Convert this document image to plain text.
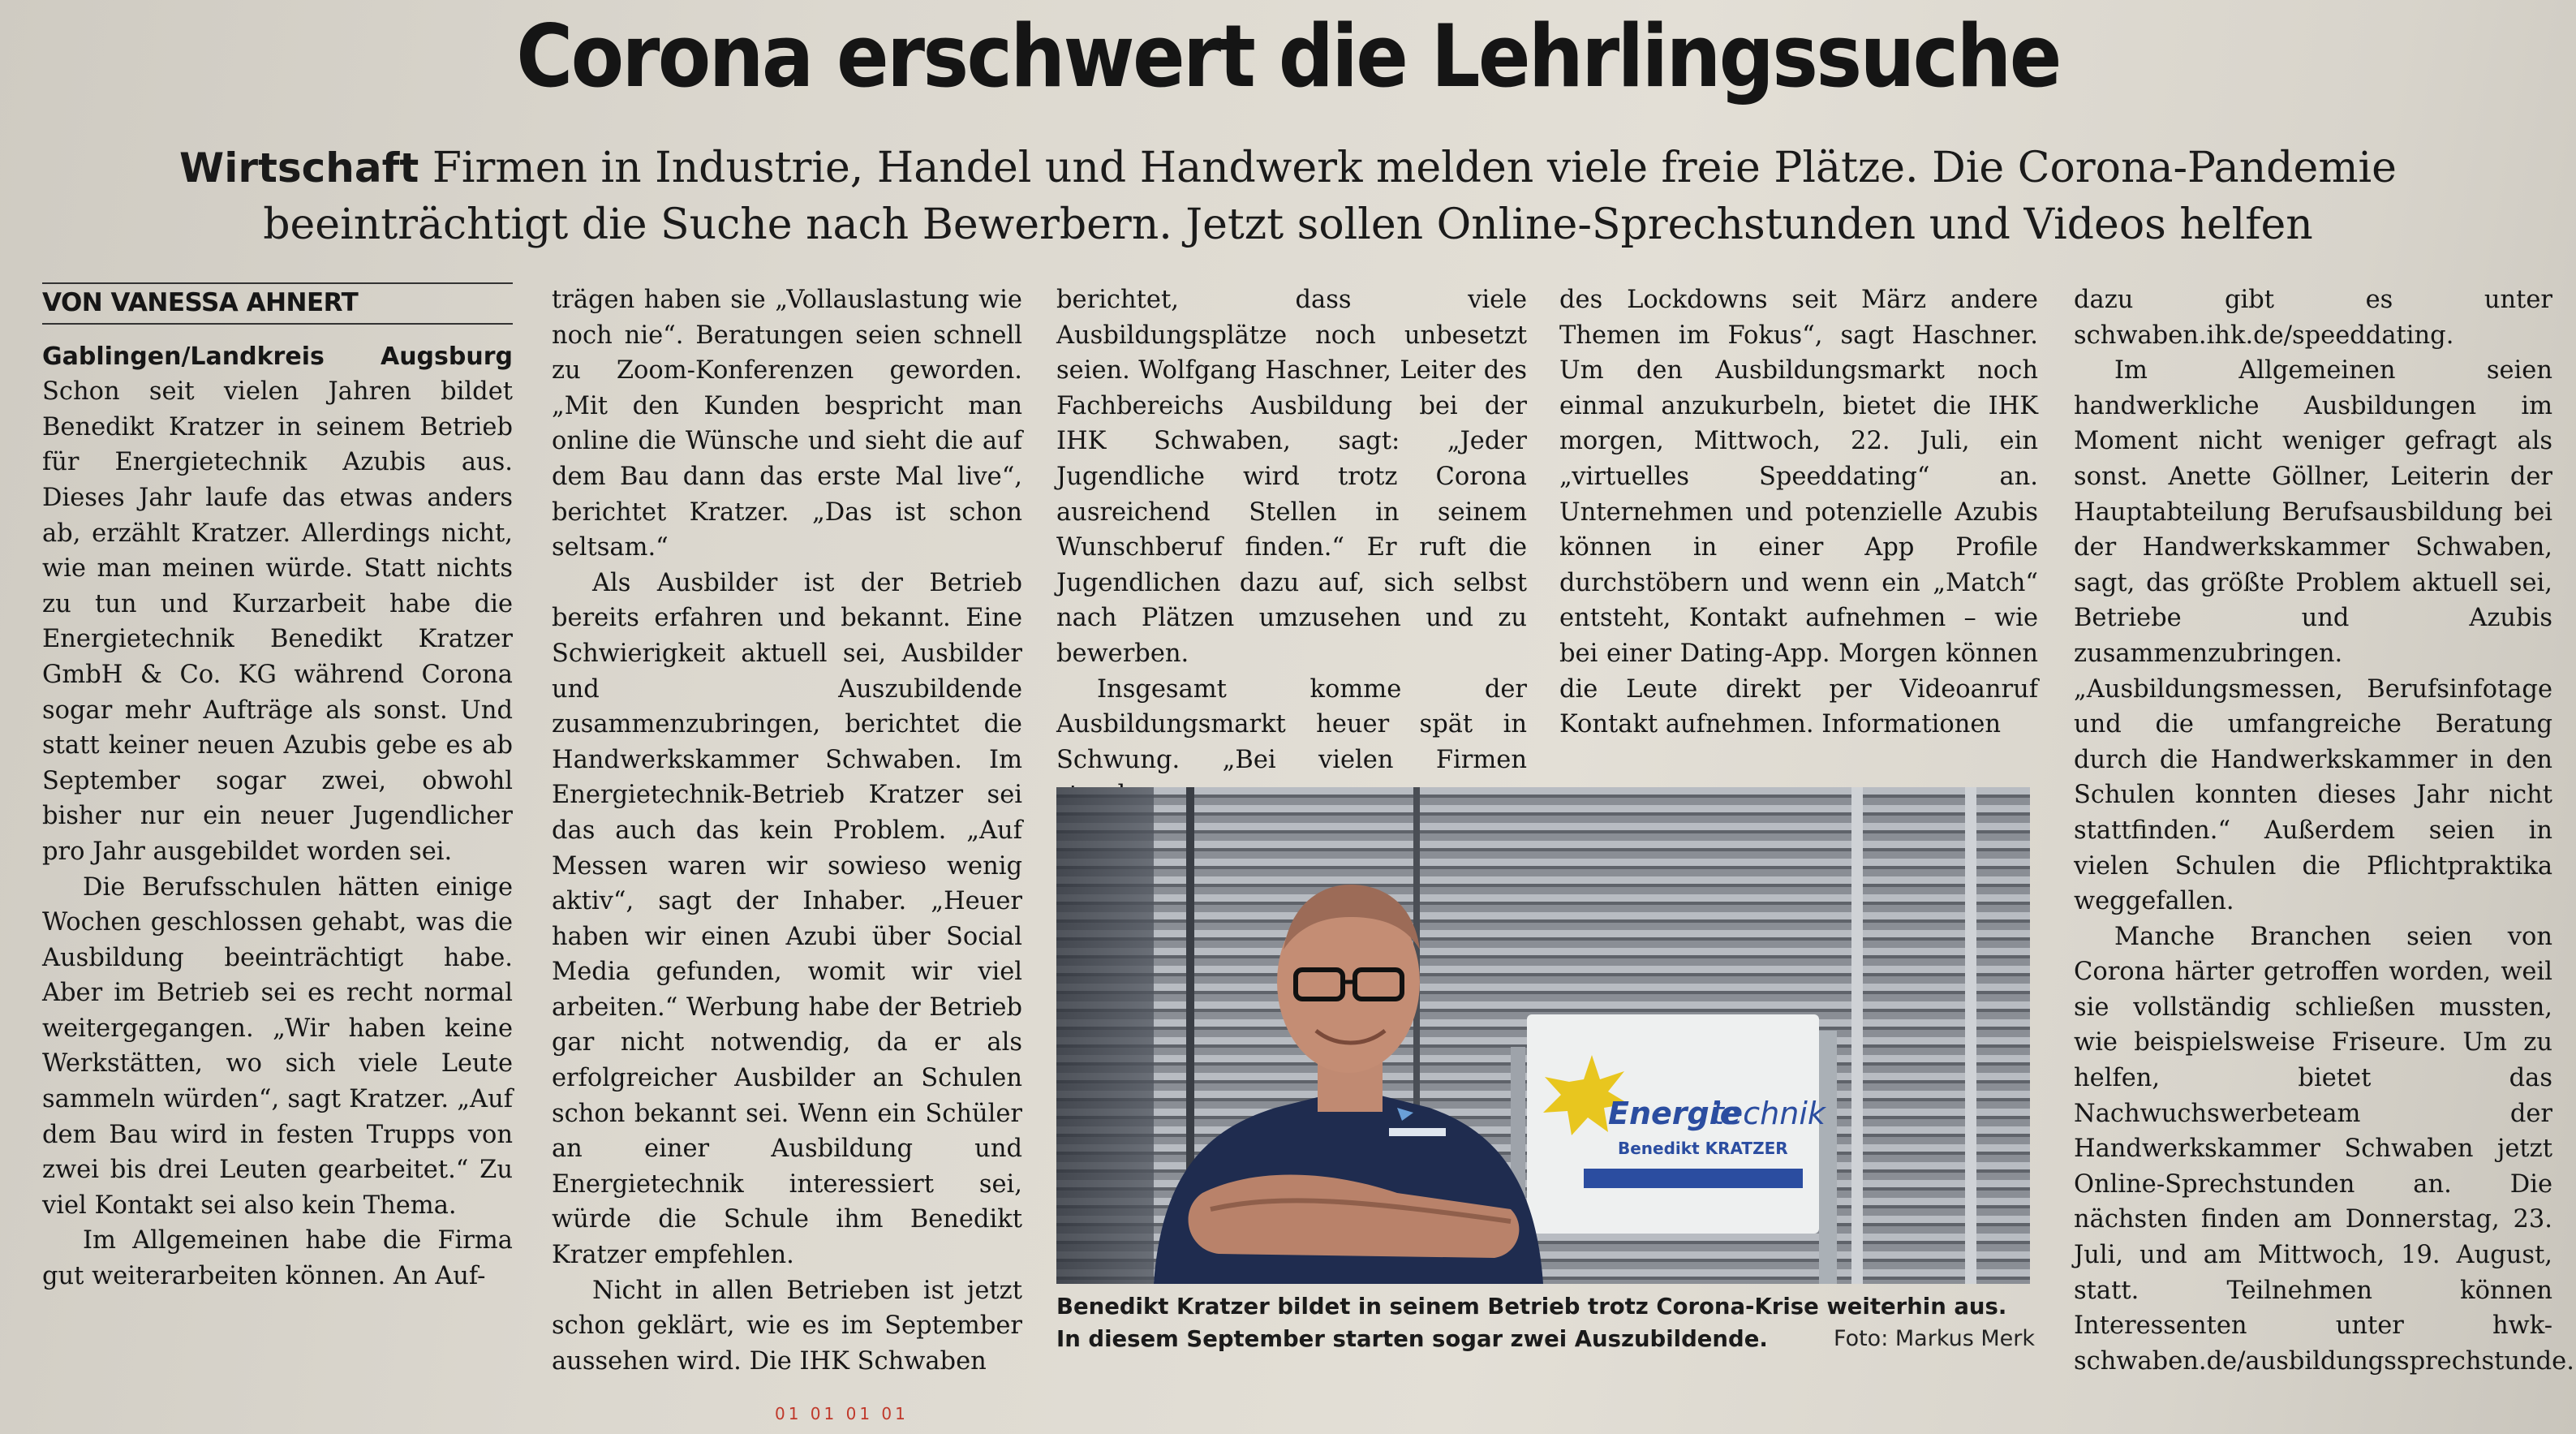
Corona erschwert die Lehrlingssuche
Wirtschaft Firmen in Industrie, Handel und Handwerk melden viele freie Plätze. Die Corona-Pandemie
beeinträchtigt die Suche nach Bewerbern. Jetzt sollen Online-Sprechstunden und Videos helfen
VON VANESSA AHNERT
Gablingen/Landkreis Augsburg

Schon seit vielen Jahren bildet Benedikt Kratzer in seinem Betrieb für Energietechnik Azubis aus. Dieses Jahr laufe das etwas anders ab, erzählt Kratzer. Allerdings nicht, wie man meinen würde. Statt nichts zu tun und Kurzarbeit habe die Energietechnik Benedikt Kratzer GmbH & Co. KG während Corona sogar mehr Aufträge als sonst. Und statt keiner neuen Azubis gebe es ab September sogar zwei, obwohl bisher nur ein neuer Jugendlicher pro Jahr ausgebildet worden sei.

Die Berufsschulen hätten einige Wochen geschlossen gehabt, was die Ausbildung beeinträchtigt habe. Aber im Betrieb sei es recht normal weitergegangen. „Wir haben keine Werkstätten, wo sich viele Leute sammeln würden“, sagt Kratzer. „Auf dem Bau wird in festen Trupps von zwei bis drei Leuten gearbeitet.“ Zu viel Kontakt sei also kein Thema.

Im Allgemeinen habe die Firma gut weiterarbeiten können. An Auf-

trägen haben sie „Vollauslastung wie noch nie“. Beratungen seien schnell zu Zoom-Konferenzen geworden. „Mit den Kunden bespricht man online die Wünsche und sieht die auf dem Bau dann das erste Mal live“, berichtet Kratzer. „Das ist schon seltsam.“

Als Ausbilder ist der Betrieb bereits erfahren und bekannt. Eine Schwierigkeit aktuell sei, Ausbilder und Auszubildende zusammenzubringen, berichtet die Handwerkskammer Schwaben. Im Energietechnik-Betrieb Kratzer sei das auch das kein Problem. „Auf Messen waren wir sowieso wenig aktiv“, sagt der Inhaber. „Heuer haben wir einen Azubi über Social Media gefunden, womit wir viel arbeiten.“ Werbung habe der Betrieb gar nicht notwendig, da er als erfolgreicher Ausbilder an Schulen schon bekannt sei. Wenn ein Schüler an einer Ausbildung und Energietechnik interessiert sei, würde die Schule ihm Benedikt Kratzer empfehlen.

Nicht in allen Betrieben ist jetzt schon geklärt, wie es im September aussehen wird. Die IHK Schwaben

berichtet, dass viele Ausbildungsplätze noch unbesetzt seien. Wolfgang Haschner, Leiter des Fachbereichs Ausbildung bei der IHK Schwaben, sagt: „Jeder Jugendliche wird trotz Corona ausreichend Stellen in seinem Wunschberuf finden.“ Er ruft die Jugendlichen dazu auf, sich selbst nach Plätzen umzusehen und zu bewerben.

Insgesamt komme der Ausbildungsmarkt heuer spät in Schwung. „Bei vielen Firmen

des Lockdowns seit März andere Themen im Fokus“, sagt Haschner. Um den Ausbildungsmarkt noch einmal anzukurbeln, bietet die IHK morgen, Mittwoch, 22. Juli, ein „virtuelles Speeddating“ an. Unternehmen und potenzielle Azubis können in einer App Profile durchstöbern und wenn ein „Match“ entsteht, Kontakt aufnehmen – wie bei einer Dating-App. Morgen können die Leute direkt per Videoanruf Kontakt aufnehmen. Informationen

dazu gibt es unter schwaben.ihk.de/speeddating.

Im Allgemeinen seien handwerkliche Ausbildungen im Moment nicht weniger gefragt als sonst. Anette Göllner, Leiterin der Hauptabteilung Berufsausbildung bei der Handwerkskammer Schwaben, sagt, das größte Problem aktuell sei, Betriebe und Azubis zusammenzubringen. „Ausbildungsmessen, Berufsinfotage und die umfangreiche Beratung durch die Handwerkskammer in den Schulen konnten dieses Jahr nicht stattfinden.“ Außerdem seien in vielen Schulen die Pflichtpraktika weggefallen.

Manche Branchen seien von Corona härter getroffen worden, weil sie vollständig schließen mussten, wie beispielsweise Friseure. Um zu helfen, bietet das Nachwuchswerbeteam der Handwerkskammer Schwaben jetzt Online-Sprechstunden an. Die nächsten finden am Donnerstag, 23. Juli, und am Mittwoch, 19. August, statt. Teilnehmen können Interessenten unter hwk-schwaben.de/ausbildungssprechstunde.

Energie
technik
Benedikt KRATZER
Benedikt Kratzer bildet in seinem Betrieb trotz Corona-Krise weiterhin aus. In diesem September starten sogar zwei Auszubildende.	Foto: Markus Merk
01 01 01 01
